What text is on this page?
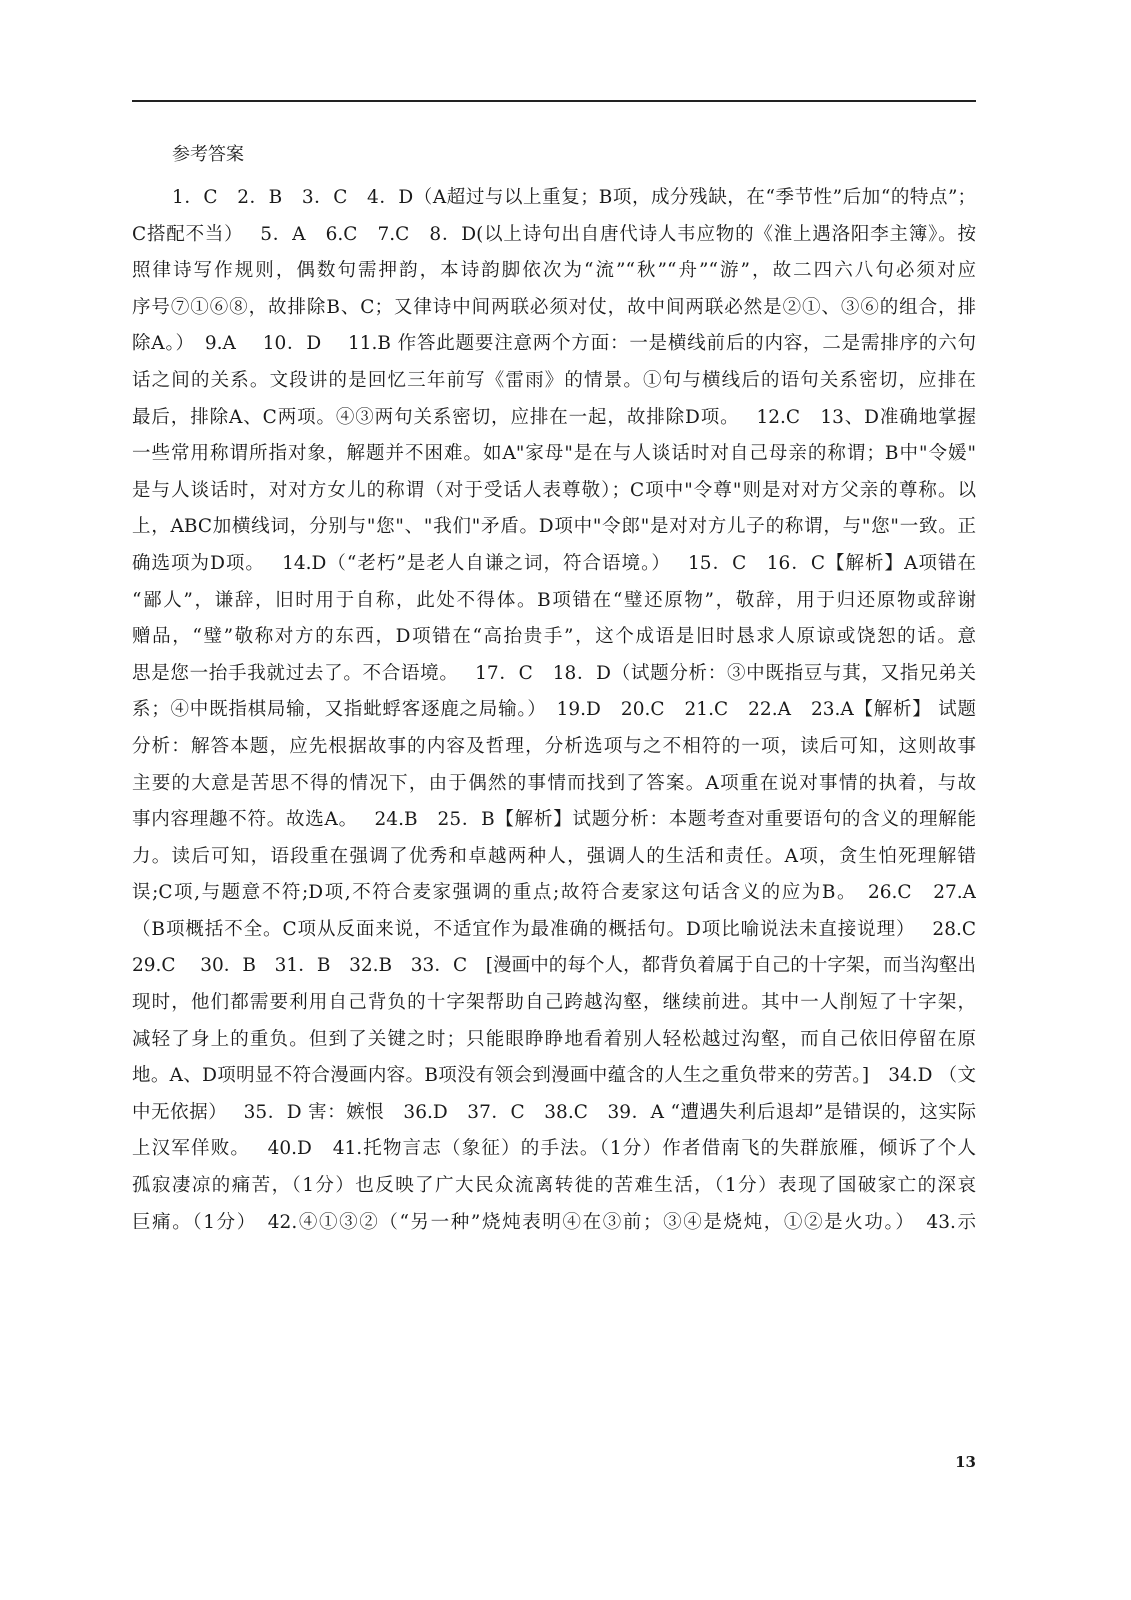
参考答案
1．C　2．B　3．C　4．D（A超过与以上重复；B项，成分残缺，在“季节性”后加“的特点”；
C搭配不当）　 5．A　6.C　7.C　8．D(以上诗句出自唐代诗人韦应物的《淮上遇洛阳李主簿》。按
照律诗写作规则，偶数句需押韵，本诗韵脚依次为“流”“秋”“舟”“游”，故二四六八句必须对应
序号⑦①⑥⑧，故排除B、C；又律诗中间两联必须对仗，故中间两联必然是②①、③⑥的组合，排
除A。）　9.A　 10．D　 11.B 作答此题要注意两个方面：一是横线前后的内容，二是需排序的六句
话之间的关系。文段讲的是回忆三年前写《雷雨》的情景。①句与横线后的语句关系密切，应排在
最后，排除A、C两项。④③两句关系密切，应排在一起，故排除D项。　 12.C　13、D准确地掌握
一些常用称谓所指对象，解题并不困难。如A"家母"是在与人谈话时对自己母亲的称谓；B中"令媛"
是与人谈话时，对对方女儿的称谓（对于受话人表尊敬）；C项中"令尊"则是对对方父亲的尊称。以
上，ABC加横线词，分别与"您"、"我们"矛盾。D项中"令郎"是对对方儿子的称谓，与"您"一致。正
确选项为D项。　 14.D（“老朽”是老人自谦之词，符合语境。）　 15．C　16．C【解析】A项错在
“鄙人”，谦辞，旧时用于自称，此处不得体。B项错在“璧还原物”，敬辞，用于归还原物或辞谢
赠品，“璧”敬称对方的东西，D项错在“高抬贵手”，这个成语是旧时恳求人原谅或饶恕的话。意
思是您一抬手我就过去了。不合语境。　 17．C　18．D（试题分析：③中既指豆与萁，又指兄弟关
系；④中既指棋局输，又指蚍蜉客逐鹿之局输。）　19.D　20.C　21.C　22.A　23.A【解析】 试题
分析：解答本题，应先根据故事的内容及哲理，分析选项与之不相符的一项，读后可知，这则故事
主要的大意是苦思不得的情况下，由于偶然的事情而找到了答案。A项重在说对事情的执着，与故
事内容理趣不符。故选A。　 24.B　25．B【解析】试题分析：本题考查对重要语句的含义的理解能
力。读后可知，语段重在强调了优秀和卓越两种人，强调人的生活和责任。A项，贪生怕死理解错
误;C项,与题意不符;D项,不符合麦家强调的重点;故符合麦家这句话含义的应为B。　26.C　27.A
（B项概括不全。C项从反面来说，不适宜作为最准确的概括句。D项比喻说法未直接说理）　 28.C
29.C　 30．B　31．B　32.B　33．C　[漫画中的每个人，都背负着属于自己的十字架，而当沟壑出
现时，他们都需要利用自己背负的十字架帮助自己跨越沟壑，继续前进。其中一人削短了十字架，
减轻了身上的重负。但到了关键之时；只能眼睁睁地看着别人轻松越过沟壑，而自己依旧停留在原
地。A、D项明显不符合漫画内容。B项没有领会到漫画中蕴含的人生之重负带来的劳苦。]　34.D （文
中无依据）　 35．D 害：嫉恨　36.D　37．C　38.C　39．A “遭遇失利后退却”是错误的，这实际
上汉军佯败。　 40.D　41.托物言志（象征）的手法。（1分）作者借南飞的失群旅雁，倾诉了个人
孤寂凄凉的痛苦，（1分）也反映了广大民众流离转徙的苦难生活，（1分）表现了国破家亡的深哀
巨痛。（1分）　42.④①③②（“另一种”烧炖表明④在③前；③④是烧炖，①②是火功。）　43.示
13
